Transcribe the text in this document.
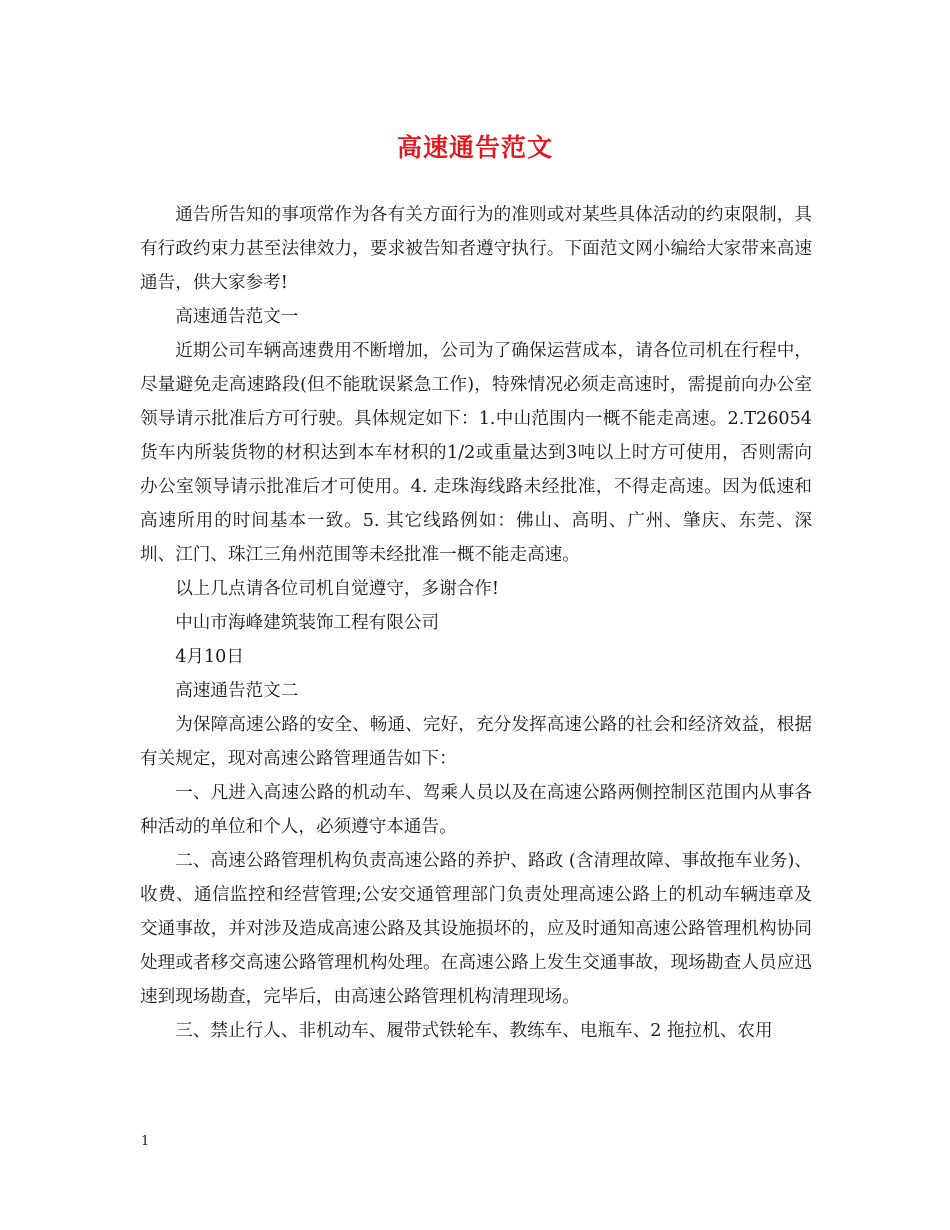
高速通告范文

通告所告知的事项常作为各有关方面行为的准则或对某些具体活动的约束限制，具有行政约束力甚至法律效力，要求被告知者遵守执行。下面范文网小编给大家带来高速通告，供大家参考!

高速通告范文一

近期公司车辆高速费用不断增加，公司为了确保运营成本，请各位司机在行程中，尽量避免走高速路段(但不能耽误紧急工作)，特殊情况必须走高速时，需提前向办公室领导请示批准后方可行驶。具体规定如下：1.中山范围内一概不能走高速。2.T26054货车内所装货物的材积达到本车材积的1/2或重量达到3吨以上时方可使用，否则需向办公室领导请示批准后才可使用。4. 走珠海线路未经批准，不得走高速。因为低速和高速所用的时间基本一致。5. 其它线路例如：佛山、高明、广州、肇庆、东莞、深圳、江门、珠江三角州范围等未经批准一概不能走高速。

以上几点请各位司机自觉遵守，多谢合作!

中山市海峰建筑装饰工程有限公司

4月10日

高速通告范文二

为保障高速公路的安全、畅通、完好，充分发挥高速公路的社会和经济效益，根据有关规定，现对高速公路管理通告如下：

一、凡进入高速公路的机动车、驾乘人员以及在高速公路两侧控制区范围内从事各种活动的单位和个人，必须遵守本通告。

二、高速公路管理机构负责高速公路的养护、路政 (含清理故障、事故拖车业务)、收费、通信监控和经营管理;公安交通管理部门负责处理高速公路上的机动车辆违章及交通事故，并对涉及造成高速公路及其设施损坏的，应及时通知高速公路管理机构协同处理或者移交高速公路管理机构处理。在高速公路上发生交通事故，现场勘查人员应迅速到现场勘查，完毕后，由高速公路管理机构清理现场。

三、禁止行人、非机动车、履带式铁轮车、教练车、电瓶车、2 拖拉机、农用

1
